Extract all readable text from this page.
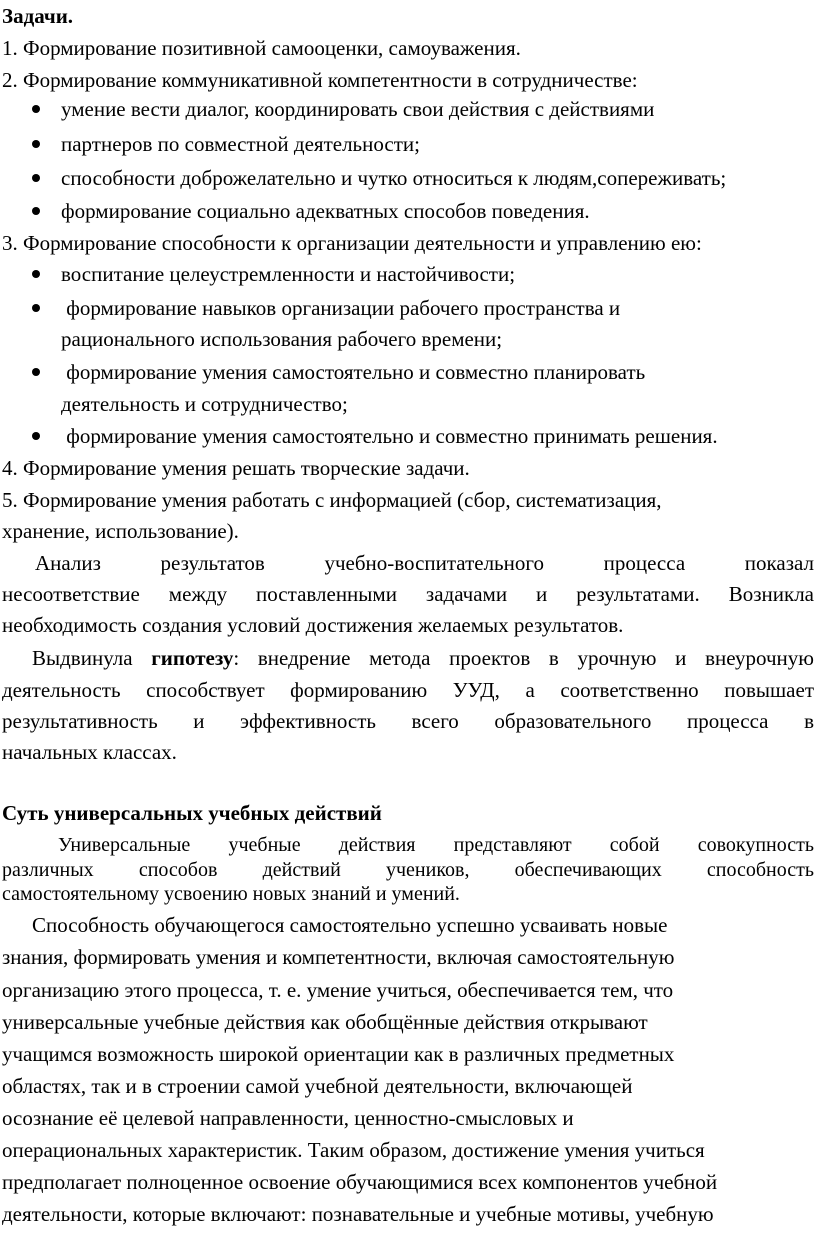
Задачи.
1. Формирование позитивной самооценки, самоуважения.
2. Формирование коммуникативной компетентности в сотрудничестве:
умение вести диалог, координировать свои действия с действиями
партнеров по совместной деятельности;
способности доброжелательно и чутко относиться к людям,сопереживать;
формирование социально адекватных способов поведения.
3. Формирование способности к организации деятельности и управлению ею:
воспитание целеустремленности и настойчивости;
формирование навыков организации рабочего пространства и
рационального использования рабочего времени;
формирование умения самостоятельно и совместно планировать
деятельность и сотрудничество;
формирование умения самостоятельно и совместно принимать решения.
4. Формирование умения решать творческие задачи.
5. Формирование умения работать с информацией (сбор, систематизация,
хранение, использование).
Анализ результатов учебно-воспитательного процесса показал
несоответствие между поставленными задачами и результатами. Возникла
необходимость создания условий достижения желаемых результатов.
Выдвинула гипотезу: внедрение метода проектов в урочную и внеурочную
деятельность способствует формированию УУД, а соответственно повышает
результативность и эффективность всего образовательного процесса в
начальных классах.
Суть универсальных учебных действий
Универсальные учебные действия представляют собой совокупность
различных способов действий учеников, обеспечивающих способность
самостоятельному усвоению новых знаний и умений.
Способность обучающегося самостоятельно успешно усваивать новые
знания, формировать умения и компетентности, включая самостоятельную
организацию этого процесса, т. е. умение учиться, обеспечивается тем, что
универсальные учебные действия как обобщённые действия открывают
учащимся возможность широкой ориентации как в различных предметных
областях, так и в строении самой учебной деятельности, включающей
осознание её целевой направленности, ценностно-смысловых и
операциональных характеристик. Таким образом, достижение умения учиться
предполагает полноценное освоение обучающимися всех компонентов учебной
деятельности, которые включают: познавательные и учебные мотивы, учебную
